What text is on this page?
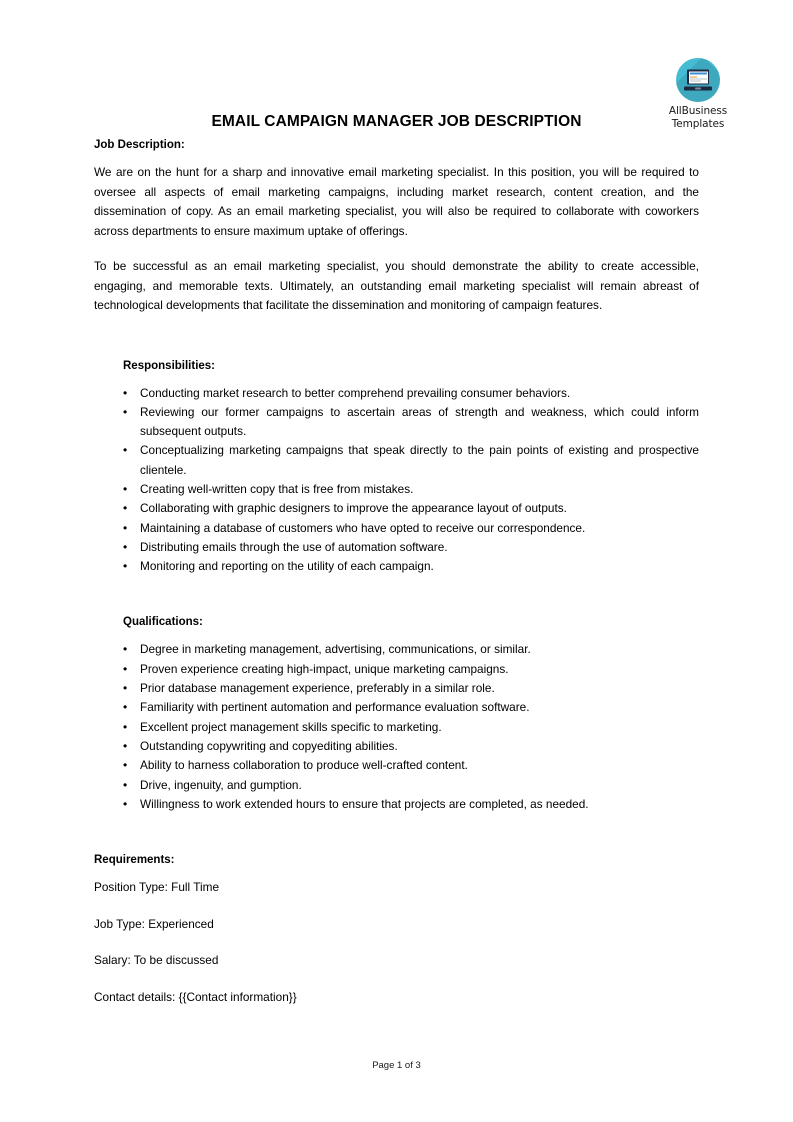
AllBusiness
Templates
EMAIL CAMPAIGN MANAGER JOB DESCRIPTION
Job Description:

We are on the hunt for a sharp and innovative email marketing specialist. In this position, you will be required to oversee all aspects of email marketing campaigns, including market research, content creation, and the dissemination of copy. As an email marketing specialist, you will also be required to collaborate with coworkers across departments to ensure maximum uptake of offerings.

To be successful as an email marketing specialist, you should demonstrate the ability to create accessible, engaging, and memorable texts. Ultimately, an outstanding email marketing specialist will remain abreast of technological developments that facilitate the dissemination and monitoring of campaign features.

Responsibilities:
• Conducting market research to better comprehend prevailing consumer behaviors.
• Reviewing our former campaigns to ascertain areas of strength and weakness, which could inform subsequent outputs.
• Conceptualizing marketing campaigns that speak directly to the pain points of existing and prospective clientele.
• Creating well-written copy that is free from mistakes.
• Collaborating with graphic designers to improve the appearance layout of outputs.
• Maintaining a database of customers who have opted to receive our correspondence.
• Distributing emails through the use of automation software.
• Monitoring and reporting on the utility of each campaign.
Qualifications:
• Degree in marketing management, advertising, communications, or similar.
• Proven experience creating high-impact, unique marketing campaigns.
• Prior database management experience, preferably in a similar role.
• Familiarity with pertinent automation and performance evaluation software.
• Excellent project management skills specific to marketing.
• Outstanding copywriting and copyediting abilities.
• Ability to harness collaboration to produce well-crafted content.
• Drive, ingenuity, and gumption.
• Willingness to work extended hours to ensure that projects are completed, as needed.
Requirements:
Position Type: Full Time
Job Type: Experienced
Salary: To be discussed
Contact details: {{Contact information}}
Page 1 of 3
